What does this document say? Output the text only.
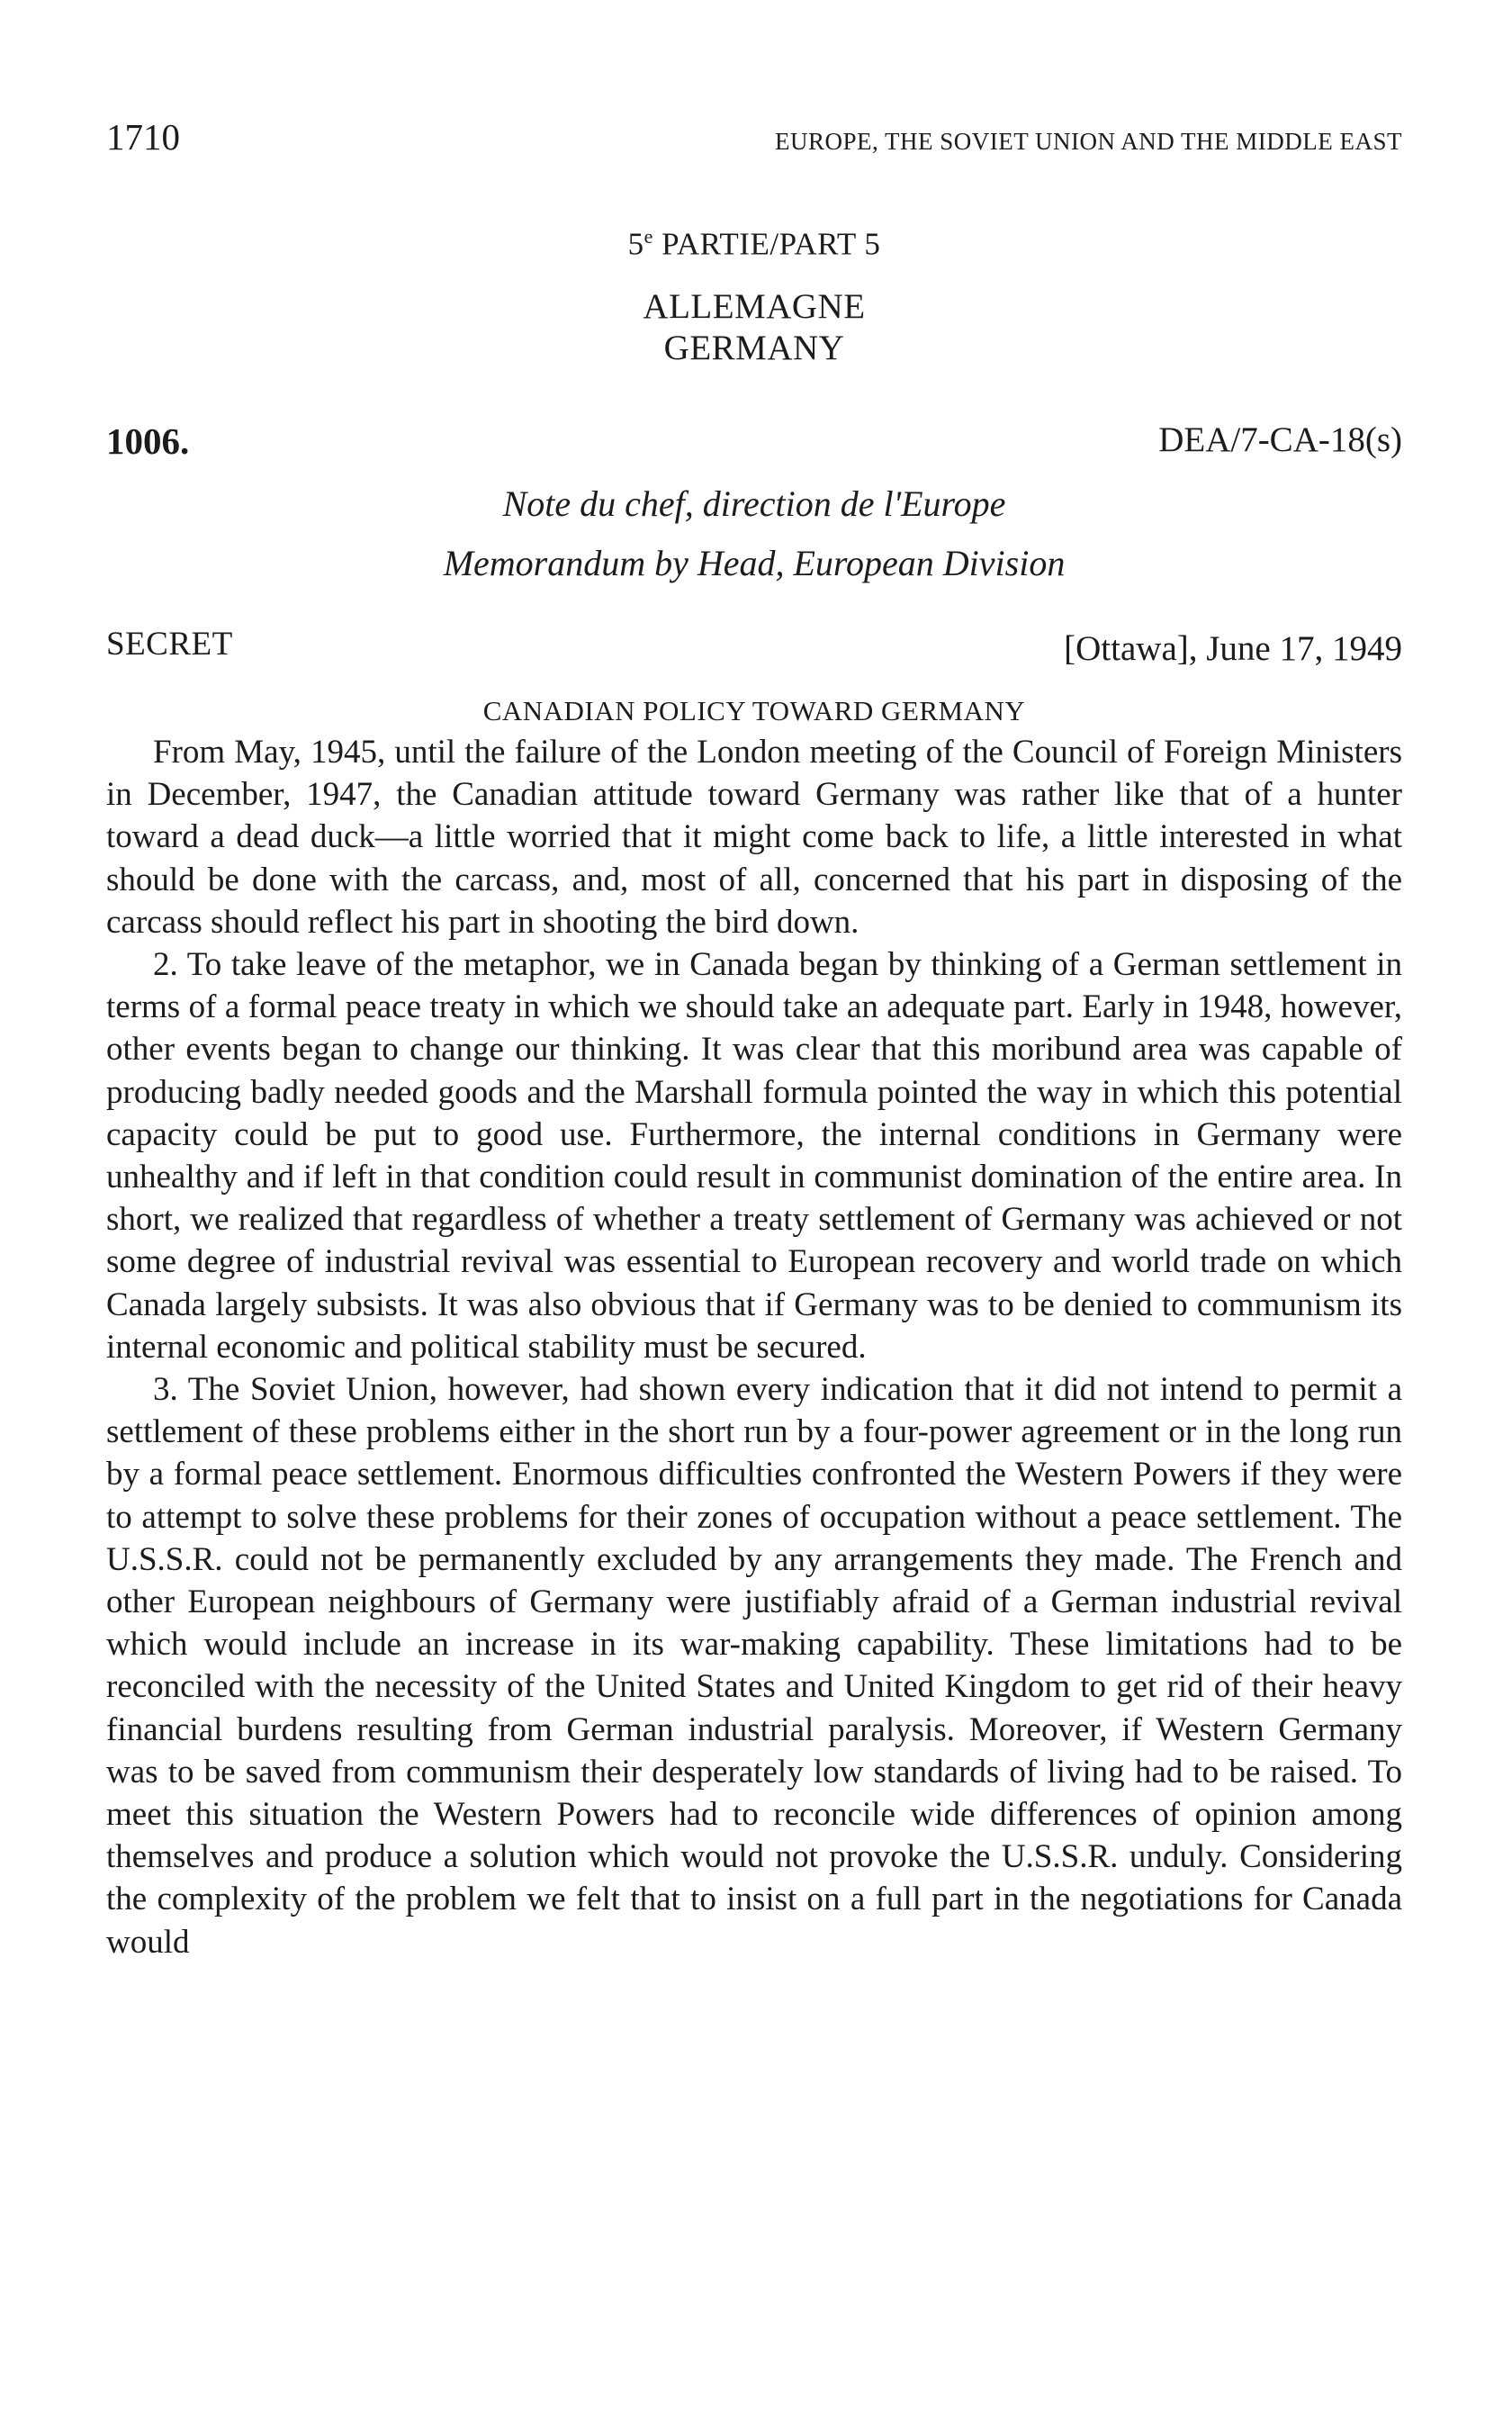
1710	EUROPE, THE SOVIET UNION AND THE MIDDLE EAST
5e PARTIE/PART 5
ALLEMAGNE
GERMANY
1006.	DEA/7-CA-18(s)
Note du chef, direction de l'Europe
Memorandum by Head, European Division
SECRET	[Ottawa], June 17, 1949
CANADIAN POLICY TOWARD GERMANY

From May, 1945, until the failure of the London meeting of the Council of Foreign Ministers in December, 1947, the Canadian attitude toward Germany was rather like that of a hunter toward a dead duck—a little worried that it might come back to life, a little interested in what should be done with the carcass, and, most of all, concerned that his part in disposing of the carcass should reflect his part in shooting the bird down.

2. To take leave of the metaphor, we in Canada began by thinking of a German settlement in terms of a formal peace treaty in which we should take an adequate part. Early in 1948, however, other events began to change our thinking. It was clear that this moribund area was capable of producing badly needed goods and the Marshall formula pointed the way in which this potential capacity could be put to good use. Furthermore, the internal conditions in Germany were unhealthy and if left in that condition could result in communist domination of the entire area. In short, we realized that regardless of whether a treaty settlement of Germany was achieved or not some degree of industrial revival was essential to European recovery and world trade on which Canada largely subsists. It was also obvious that if Germany was to be denied to communism its internal economic and political stability must be secured.

3. The Soviet Union, however, had shown every indication that it did not intend to permit a settlement of these problems either in the short run by a four-power agreement or in the long run by a formal peace settlement. Enormous difficulties confronted the Western Powers if they were to attempt to solve these problems for their zones of occupation without a peace settlement. The U.S.S.R. could not be permanently excluded by any arrangements they made. The French and other European neighbours of Germany were justifiably afraid of a German industrial revival which would include an increase in its war-making capability. These limitations had to be reconciled with the necessity of the United States and United Kingdom to get rid of their heavy financial burdens resulting from German industrial paralysis. Moreover, if Western Germany was to be saved from communism their desperately low standards of living had to be raised. To meet this situation the Western Powers had to reconcile wide differences of opinion among themselves and produce a solution which would not provoke the U.S.S.R. unduly. Considering the complexity of the problem we felt that to insist on a full part in the negotiations for Canada would
